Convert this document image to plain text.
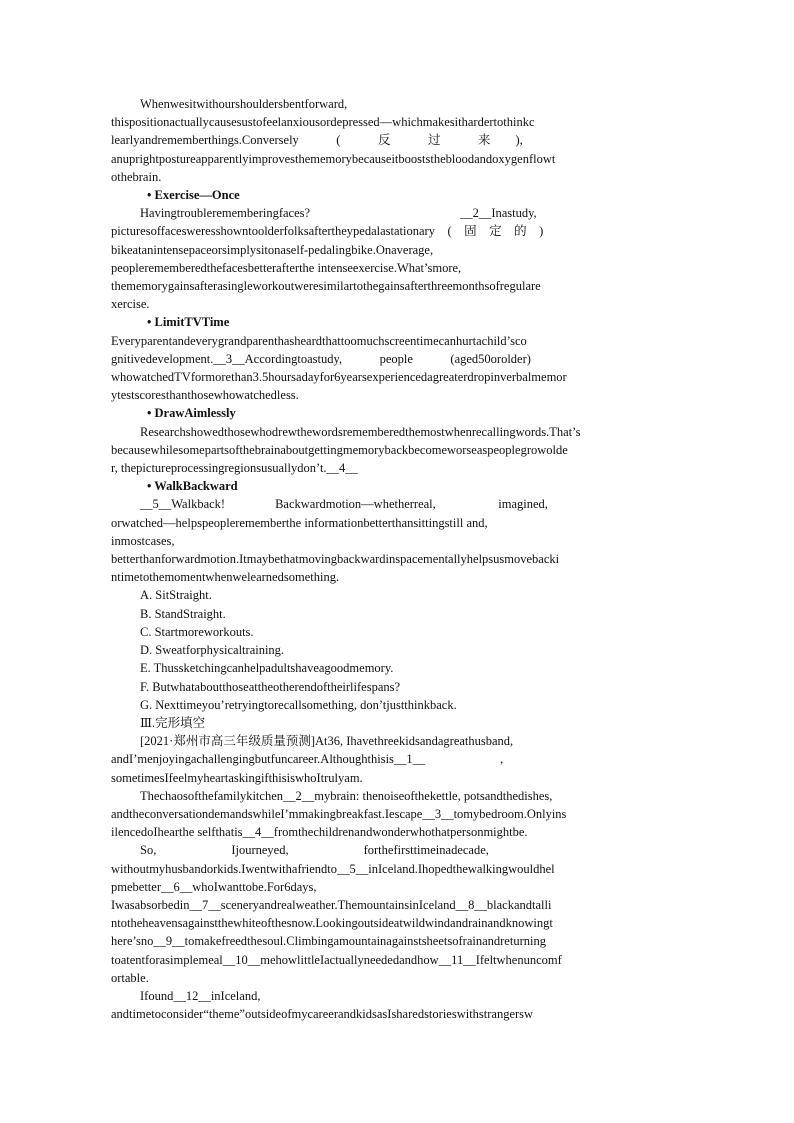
Whenwesitwithourshouldersbentforward,

thispositionactuallycausesustofeelanxiousordepressed—whichmakesithardertothinkc

learlyandrememberthings.Conversely　　　(　　　反　　　过　　　来　　),

anuprightpostureapparentlyimprovesthememorybecauseitbooststhebloodandoxygenflowt

othebrain.

• Exercise—Once

Havingtroublerememberingfaces?　　　　　　　　　　　　__2__Inastudy,

picturesoffacesweresshowntoolderfolksaftertheypedalastationary　(　固　定　的　)

bikeatanintensepaceorsimplysitonaself-pedalingbike.Onaverage,

peoplerememberedthefacesbetterafterthe intenseexercise.What’smore,

thememorygainsafterasingleworkoutweresimilartothegainsafterthreemonthsofregulare

xercise.

• LimitTVTime

Everyparentandeverygrandparenthasheardthattoomuchscreentimecanhurtachild’sco

gnitivedevelopment.__3__Accordingtoastudy,　　　people　　　(aged50orolder)

whowatchedTVformorethan3.5hoursadayfor6yearsexperiencedagreaterdropinverbalmemor

ytestscoresthanthosewhowatchedless.

• DrawAimlessly

Researchshowedthosewhodrewthewordsrememberedthemostwhenrecallingwords.That’s

becausewhilesomepartsofthebrainaboutgettingmemorybackbecomeworseaspeoplegrowolde

r, thepictureprocessingregionsusuallydon’t.__4__

• WalkBackward

__5__Walkback!　　　　Backwardmotion—whetherreal,　　　　　imagined,

orwatched—helpspeoplerememberthe informationbetterthansittingstill and,

inmostcases,

betterthanforwardmotion.Itmaybethatmovingbackwardinspacementallyhelpsusmovebacki

ntimetothemomentwhenwelearnedsomething.

A. SitStraight.

B. StandStraight.

C. Startmoreworkouts.

D. Sweatforphysicaltraining.

E. Thussketchingcanhelpadultshaveagoodmemory.

F. Butwhataboutthoseattheotherendoftheirlifespans?

G. Nexttimeyou’retryingtorecallsomething, don’tjustthinkback.

Ⅲ.完形填空

[2021·郑州市高三年级质量预测]At36, Ihavethreekidsandagreathusband,

andI’menjoyingachallengingbutfuncareer.Althoughthisis__1__　　　　　　,

sometimesIfeelmyheartaskingifthisiswhoItrulyam.

Thechaosofthefamilykitchen__2__mybrain: thenoiseofthekettle, potsandthedishes,

andtheconversationdemandswhileI’mmakingbreakfast.Iescape__3__tomybedroom.Onlyins

ilencedoIhearthe selfthatis__4__fromthechildrenandwonderwhothatpersonmightbe.

So,　　　　　　Ijourneyed,　　　　　　forthefirsttimeinadecade,

withoutmyhusbandorkids.Iwentwithafriendto__5__inIceland.Ihopedthewalkingwouldhel

pmebetter__6__whoIwanttobe.For6days,

Iwasabsorbedin__7__sceneryandrealweather.ThemountainsinIceland__8__blackandtalli

ntotheheavensagainstthewhiteofthesnow.Lookingoutsideatwildwindandrainandknowingt

here’sno__9__tomakefreedthesoul.Climbingamountainagainstsheetsofrainandreturning

toatentforasimplemeal__10__mehowlittleIactuallyneededandhow__11__Ifeltwhenuncomf

ortable.

Ifound__12__inIceland,

andtimetoconsider“theme”outsideofmycareerandkidsasIsharedstorieswithstrangersw
